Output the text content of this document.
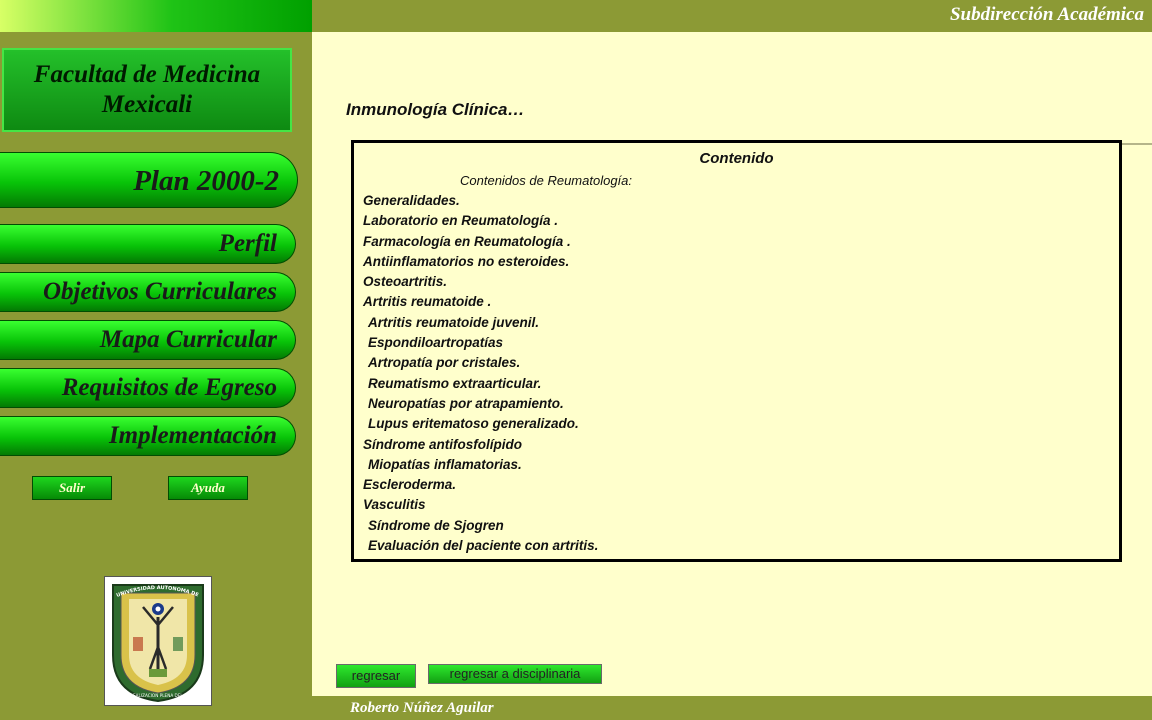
Subdirección Académica
Roberto Núñez Aguilar
Facultad de Medicina
Mexicali
Plan 2000-2
Perfil
Objetivos Curriculares
Mapa Curricular
Requisitos de Egreso
Implementación
Salir	Ayuda
UNIVERSIDAD AUTONOMA DE
POR LA REALIZACION PLENA DEL HOMBRE
Inmunología Clínica…
Contenido
Contenidos de Reumatología:
Generalidades.
Laboratorio en Reumatología .
Farmacología en Reumatología .
Antiinflamatorios no esteroides.
Osteoartritis.
Artritis reumatoide .
Artritis reumatoide juvenil.
Espondiloartropatías
Artropatía por cristales.
Reumatismo extraarticular.
Neuropatías por atrapamiento.
Lupus eritematoso generalizado.
Síndrome antifosfolípido
Miopatías inflamatorias.
Escleroderma.
Vasculitis
Síndrome de Sjogren
Evaluación del paciente con artritis.
regresar	regresar a disciplinaria
